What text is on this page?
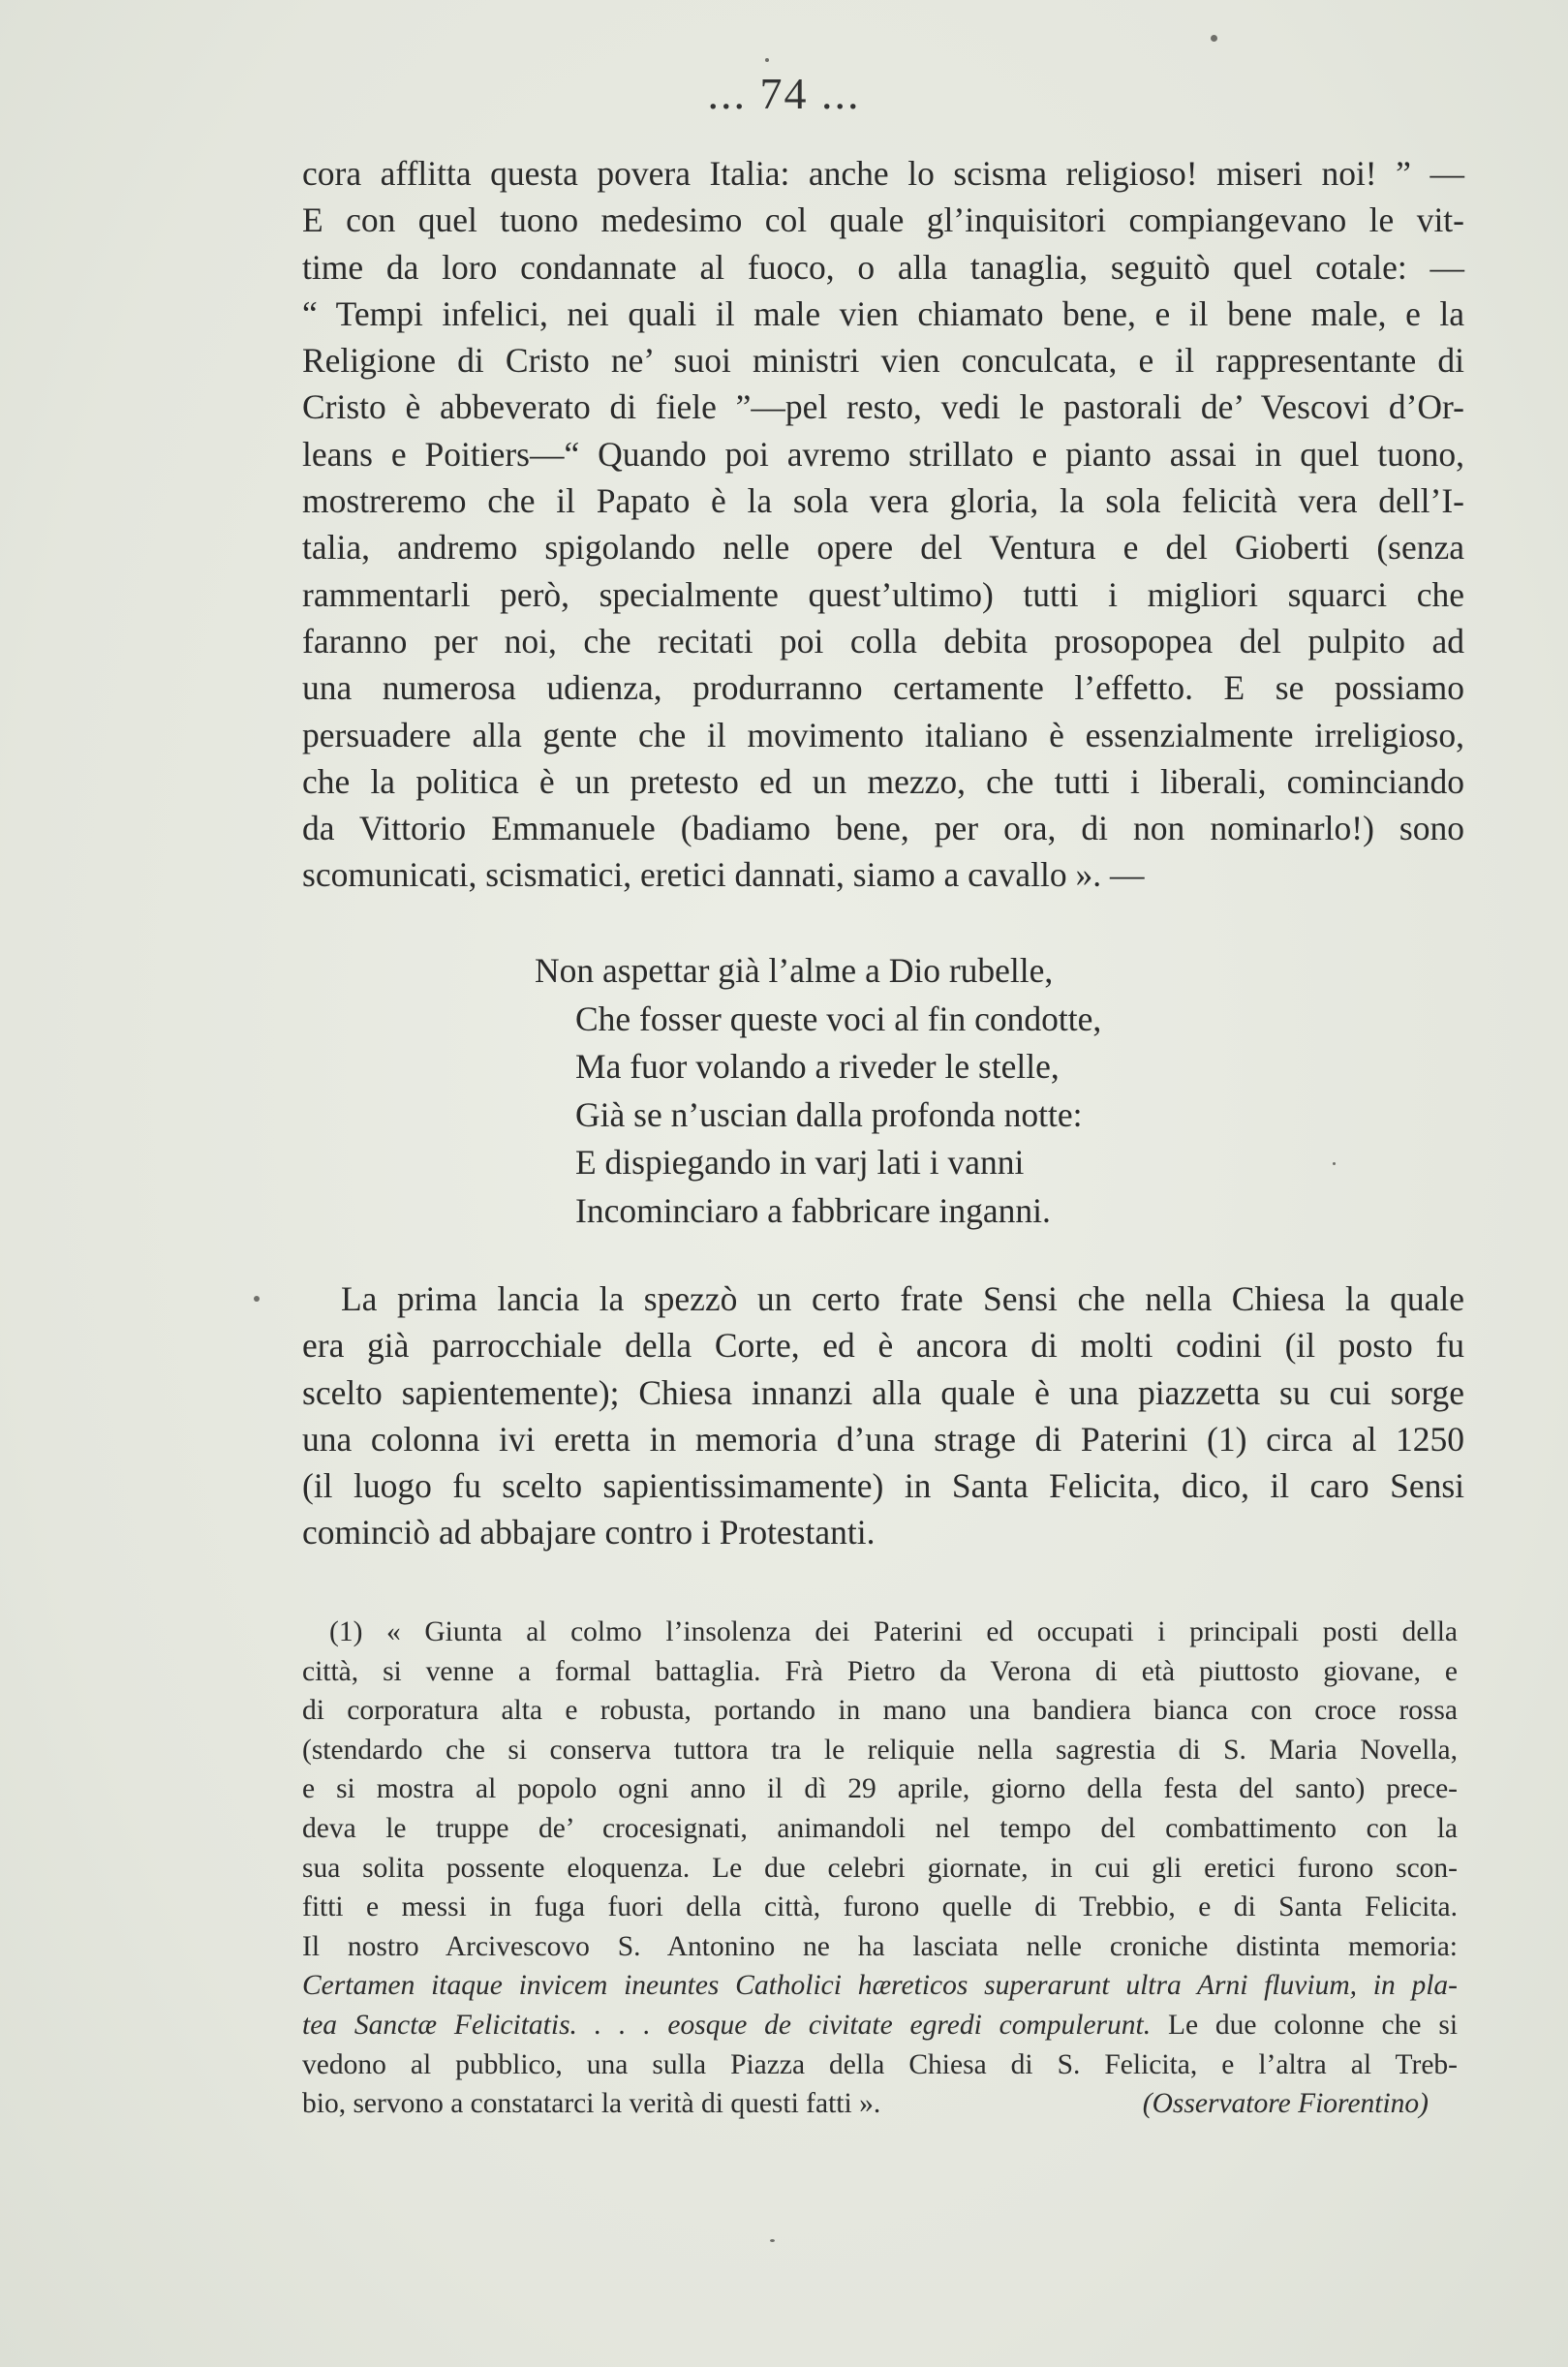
... 74 ...
cora afflitta questa povera Italia: anche lo scisma religioso! miseri noi! ” —
E con quel tuono medesimo col quale gl’inquisitori compiangevano le vit-
time da loro condannate al fuoco, o alla tanaglia, seguitò quel cotale: —
“ Tempi infelici, nei quali il male vien chiamato bene, e il bene male, e la
Religione di Cristo ne’ suoi ministri vien conculcata, e il rappresentante di
Cristo è abbeverato di fiele ”—pel resto, vedi le pastorali de’ Vescovi d’Or-
leans e Poitiers—“ Quando poi avremo strillato e pianto assai in quel tuono,
mostreremo che il Papato è la sola vera gloria, la sola felicità vera dell’I-
talia, andremo spigolando nelle opere del Ventura e del Gioberti (senza
rammentarli però, specialmente quest’ultimo) tutti i migliori squarci che
faranno per noi, che recitati poi colla debita prosopopea del pulpito ad
una numerosa udienza, produrranno certamente l’effetto. E se possiamo
persuadere alla gente che il movimento italiano è essenzialmente irreligioso,
che la politica è un pretesto ed un mezzo, che tutti i liberali, cominciando
da Vittorio Emmanuele (badiamo bene, per ora, di non nominarlo!) sono
scomunicati, scismatici, eretici dannati, siamo a cavallo ». —
Non aspettar già l’alme a Dio rubelle,
Che fosser queste voci al fin condotte,
Ma fuor volando a riveder le stelle,
Già se n’uscian dalla profonda notte:
E dispiegando in varj lati i vanni
Incominciaro a fabbricare inganni.
La prima lancia la spezzò un certo frate Sensi che nella Chiesa la quale
era già parrocchiale della Corte, ed è ancora di molti codini (il posto fu
scelto sapientemente); Chiesa innanzi alla quale è una piazzetta su cui sorge
una colonna ivi eretta in memoria d’una strage di Paterini (1) circa al 1250
(il luogo fu scelto sapientissimamente) in Santa Felicita, dico, il caro Sensi
cominciò ad abbajare contro i Protestanti.
(1) « Giunta al colmo l’insolenza dei Paterini ed occupati i principali posti della
città, si venne a formal battaglia. Frà Pietro da Verona di età piuttosto giovane, e
di corporatura alta e robusta, portando in mano una bandiera bianca con croce rossa
(stendardo che si conserva tuttora tra le reliquie nella sagrestia di S. Maria Novella,
e si mostra al popolo ogni anno il dì 29 aprile, giorno della festa del santo) prece-
deva le truppe de’ crocesignati, animandoli nel tempo del combattimento con la
sua solita possente eloquenza. Le due celebri giornate, in cui gli eretici furono scon-
fitti e messi in fuga fuori della città, furono quelle di Trebbio, e di Santa Felicita.
Il nostro Arcivescovo S. Antonino ne ha lasciata nelle croniche distinta memoria:
Certamen itaque invicem ineuntes Catholici hæreticos superarunt ultra Arni fluvium, in pla-
tea Sanctæ Felicitatis. . . . eosque de civitate egredi compulerunt. Le due colonne che si
vedono al pubblico, una sulla Piazza della Chiesa di S. Felicita, e l’altra al Treb-
bio, servono a constatarci la verità di questi fatti ».	(Osservatore Fiorentino)
